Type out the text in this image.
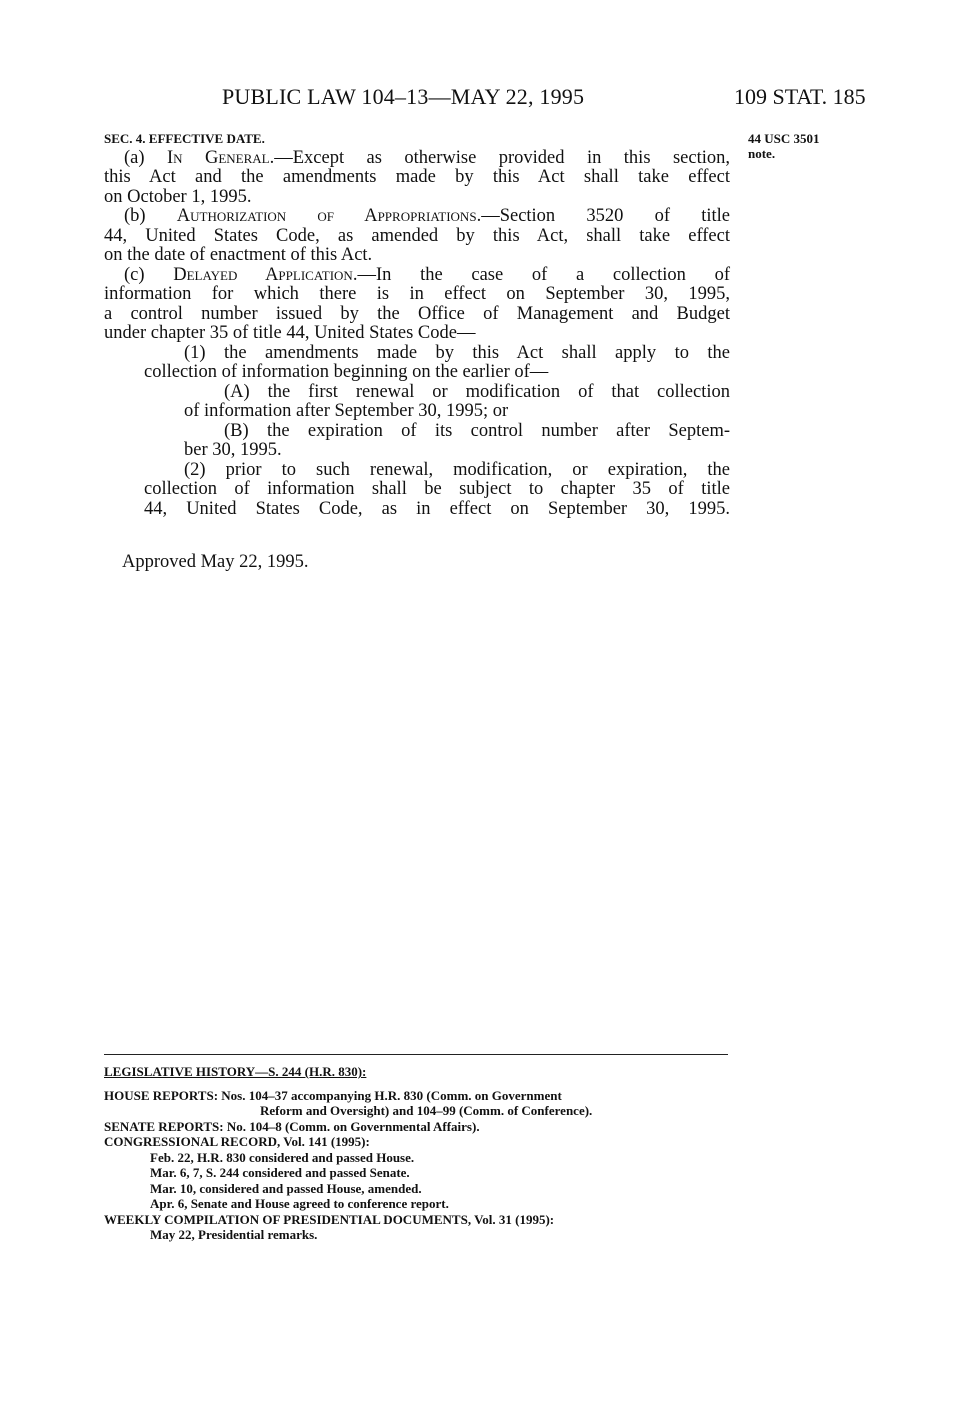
PUBLIC LAW 104–13—MAY 22, 1995	109 STAT. 185
44 USC 3501
note.
SEC. 4. EFFECTIVE DATE.
(a) In General.—Except as otherwise provided in this section,
this Act and the amendments made by this Act shall take effect
on October 1, 1995.
(b) Authorization of Appropriations.—Section 3520 of title
44, United States Code, as amended by this Act, shall take effect
on the date of enactment of this Act.
(c) Delayed Application.—In the case of a collection of
information for which there is in effect on September 30, 1995,
a control number issued by the Office of Management and Budget
under chapter 35 of title 44, United States Code—
(1) the amendments made by this Act shall apply to the
collection of information beginning on the earlier of—
(A) the first renewal or modification of that collection
of information after September 30, 1995; or
(B) the expiration of its control number after Septem-
ber 30, 1995.
(2) prior to such renewal, modification, or expiration, the
collection of information shall be subject to chapter 35 of title
44, United States Code, as in effect on September 30, 1995.
Approved May 22, 1995.
LEGISLATIVE HISTORY—S. 244 (H.R. 830):
HOUSE REPORTS: Nos. 104–37 accompanying H.R. 830 (Comm. on Government
Reform and Oversight) and 104–99 (Comm. of Conference).
SENATE REPORTS: No. 104–8 (Comm. on Governmental Affairs).
CONGRESSIONAL RECORD, Vol. 141 (1995):
Feb. 22, H.R. 830 considered and passed House.
Mar. 6, 7, S. 244 considered and passed Senate.
Mar. 10, considered and passed House, amended.
Apr. 6, Senate and House agreed to conference report.
WEEKLY COMPILATION OF PRESIDENTIAL DOCUMENTS, Vol. 31 (1995):
May 22, Presidential remarks.
